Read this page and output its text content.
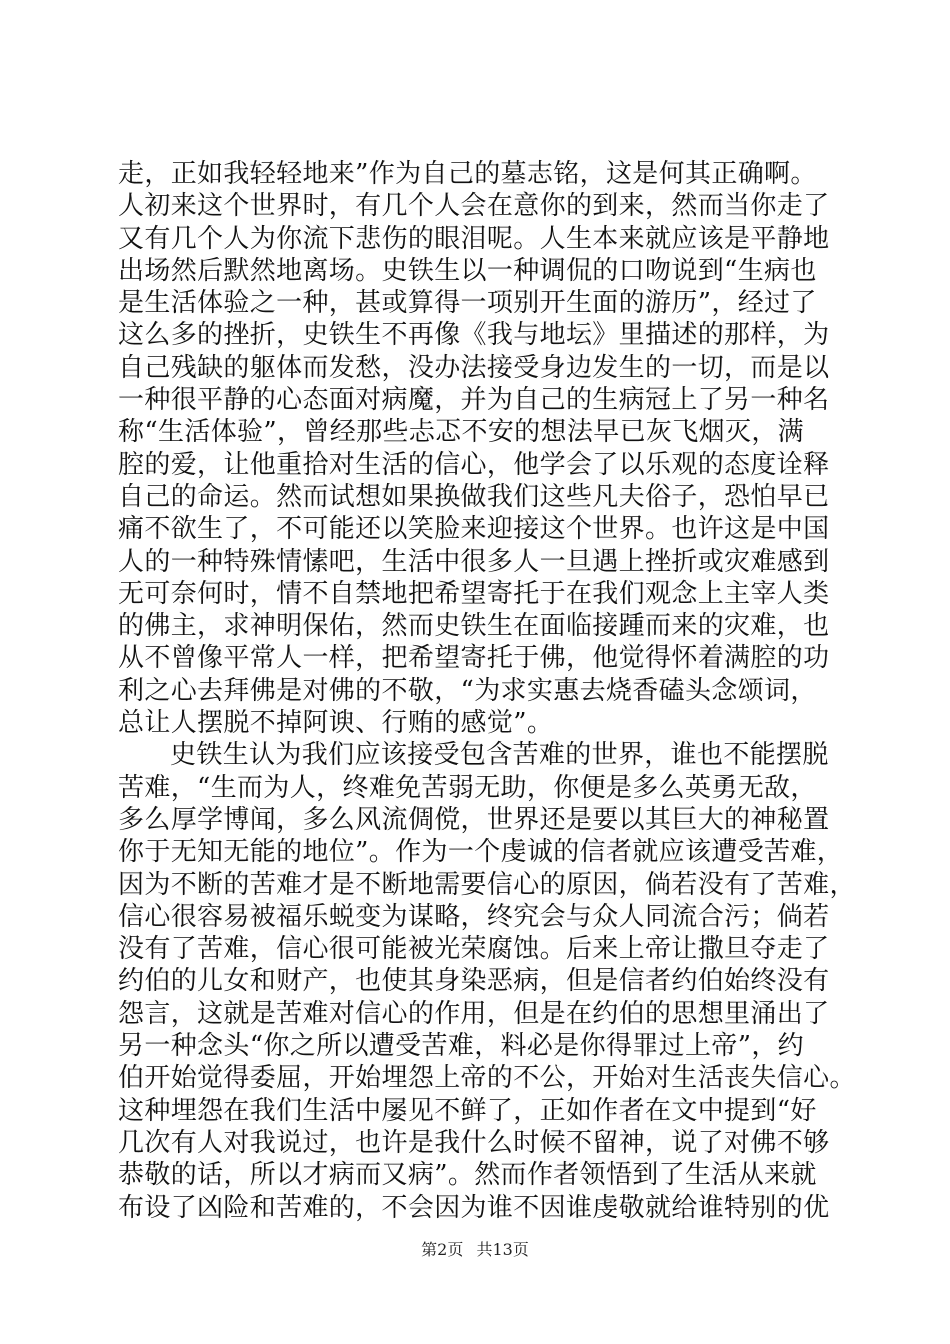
走，正如我轻轻地来”作为自己的墓志铭，这是何其正确啊。
人初来这个世界时，有几个人会在意你的到来，然而当你走了
又有几个人为你流下悲伤的眼泪呢。人生本来就应该是平静地
出场然后默然地离场。史铁生以一种调侃的口吻说到“生病也
是生活体验之一种，甚或算得一项别开生面的游历”，经过了
这么多的挫折，史铁生不再像《我与地坛》里描述的那样，为
自己残缺的躯体而发愁，没办法接受身边发生的一切，而是以
一种很平静的心态面对病魔，并为自己的生病冠上了另一种名
称“生活体验”，曾经那些忐忑不安的想法早已灰飞烟灭，满
腔的爱，让他重拾对生活的信心，他学会了以乐观的态度诠释
自己的命运。然而试想如果换做我们这些凡夫俗子，恐怕早已
痛不欲生了，不可能还以笑脸来迎接这个世界。也许这是中国
人的一种特殊情愫吧，生活中很多人一旦遇上挫折或灾难感到
无可奈何时，情不自禁地把希望寄托于在我们观念上主宰人类
的佛主，求神明保佑，然而史铁生在面临接踵而来的灾难，也
从不曾像平常人一样，把希望寄托于佛，他觉得怀着满腔的功
利之心去拜佛是对佛的不敬，“为求实惠去烧香磕头念颂词，
总让人摆脱不掉阿谀、行贿的感觉”。
史铁生认为我们应该接受包含苦难的世界，谁也不能摆脱
苦难，“生而为人，终难免苦弱无助，你便是多么英勇无敌，
多么厚学博闻，多么风流倜傥，世界还是要以其巨大的神秘置
你于无知无能的地位”。作为一个虔诚的信者就应该遭受苦难，
因为不断的苦难才是不断地需要信心的原因，倘若没有了苦难，
信心很容易被福乐蜕变为谋略，终究会与众人同流合污；倘若
没有了苦难，信心很可能被光荣腐蚀。后来上帝让撒旦夺走了
约伯的儿女和财产，也使其身染恶病，但是信者约伯始终没有
怨言，这就是苦难对信心的作用，但是在约伯的思想里涌出了
另一种念头“你之所以遭受苦难，料必是你得罪过上帝”，约
伯开始觉得委屈，开始埋怨上帝的不公，开始对生活丧失信心。
这种埋怨在我们生活中屡见不鲜了，正如作者在文中提到“好
几次有人对我说过，也许是我什么时候不留神，说了对佛不够
恭敬的话，所以才病而又病”。然而作者领悟到了生活从来就
布设了凶险和苦难的，不会因为谁不因谁虔敬就给谁特别的优
第2页 共13页
